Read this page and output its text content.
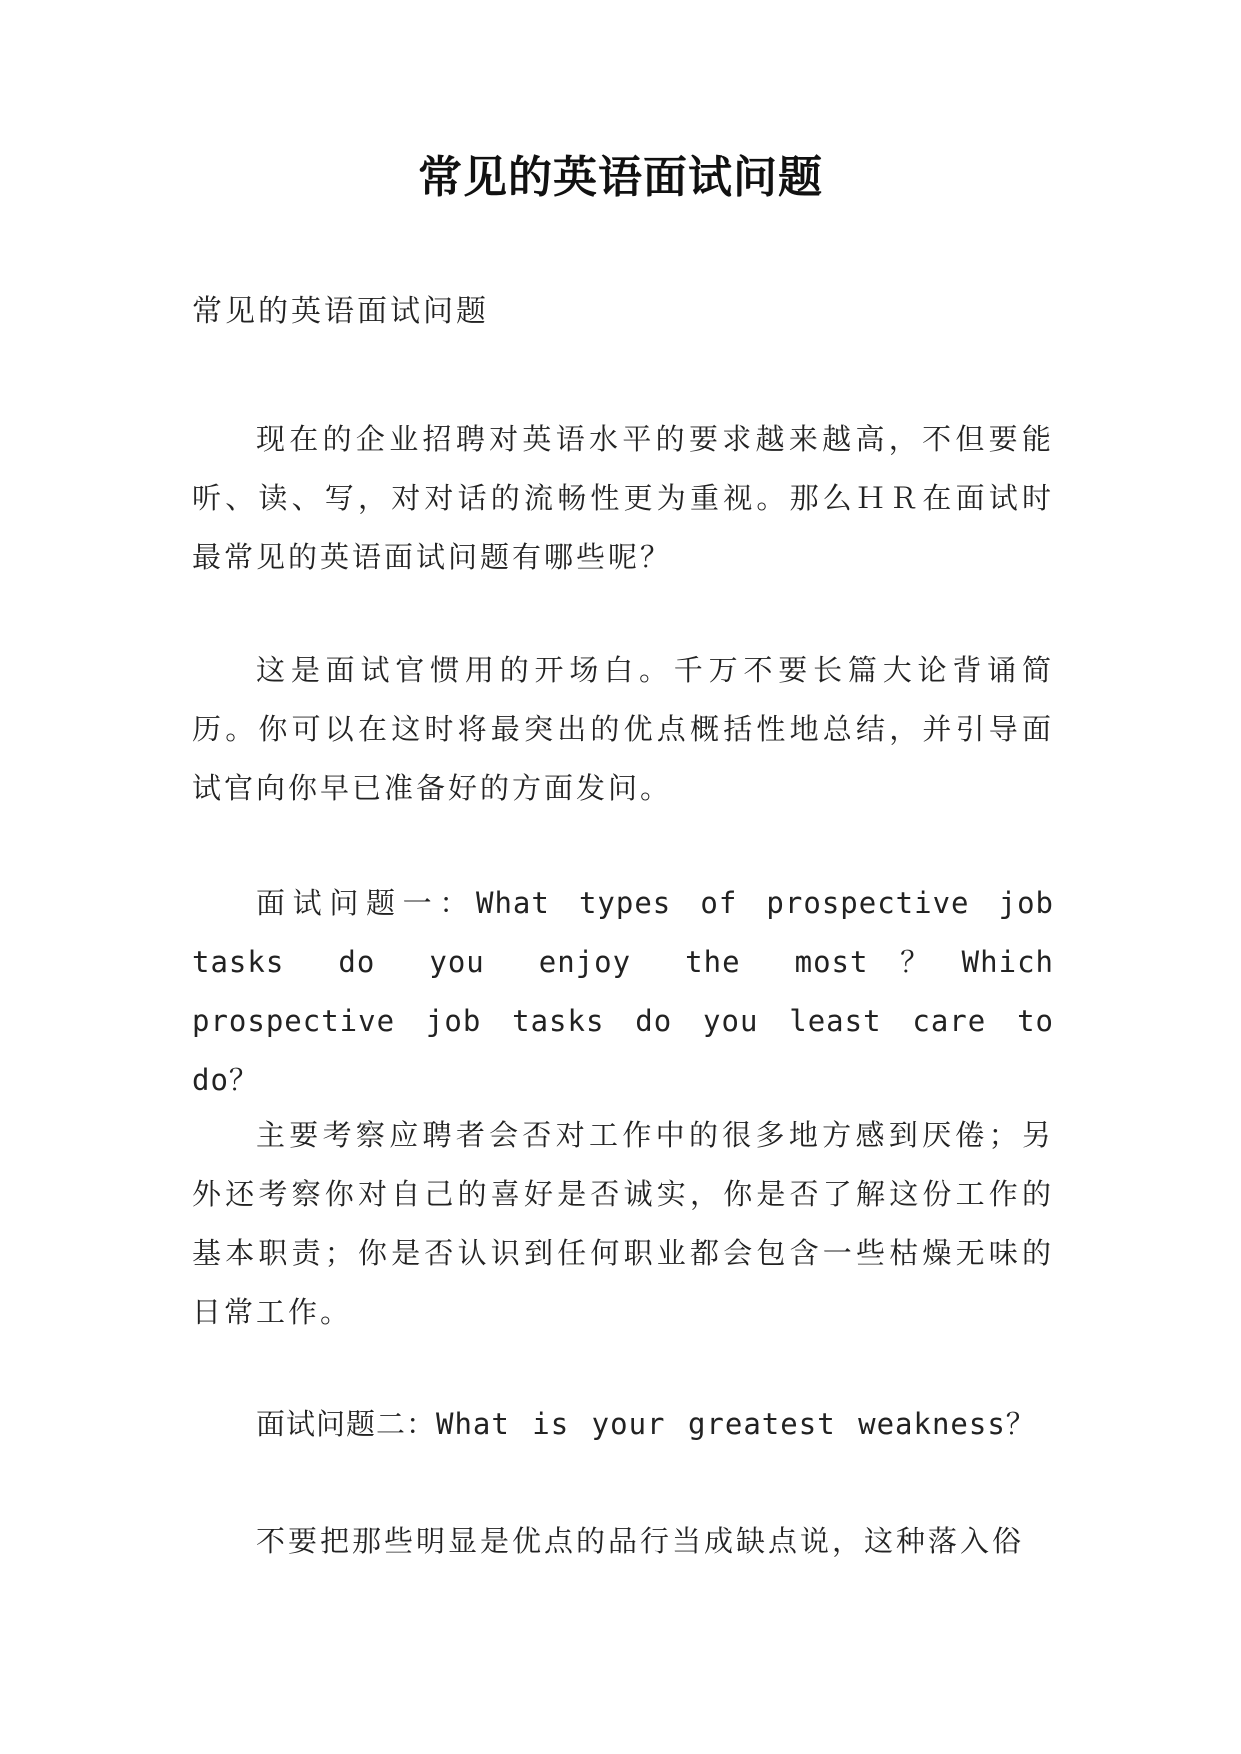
常见的英语面试问题
常见的英语面试问题

现在的企业招聘对英语水平的要求越来越高，不但要能听、读、写，对对话的流畅性更为重视。那么ＨＲ在面试时最常见的英语面试问题有哪些呢？

这是面试官惯用的开场白。千万不要长篇大论背诵简历。你可以在这时将最突出的优点概括性地总结，并引导面试官向你早已准备好的方面发问。

面试问题一：What types of prospective job tasks do you enjoy the most？Which prospective job tasks do you least care to do？

主要考察应聘者会否对工作中的很多地方感到厌倦；另外还考察你对自己的喜好是否诚实，你是否了解这份工作的基本职责；你是否认识到任何职业都会包含一些枯燥无味的日常工作。

面试问题二：What is your greatest weakness？

不要把那些明显是优点的品行当成缺点说，这种落入俗
